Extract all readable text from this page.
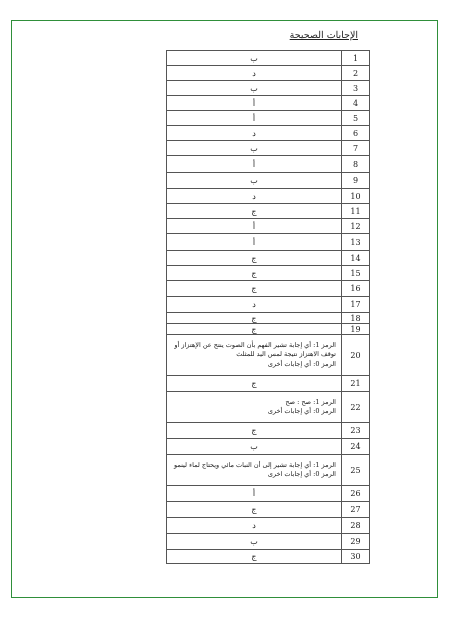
الإجابات الصحيحة
ب	1

د	2

ب	3

أ	4

أ	5

د	6

ب	7

أ	8

ب	9

د	10

ج	11

أ	12

أ	13

ج	14

ج	15

ج	16

د	17

ج	18

ج	19

الرمز 1: أي إجابة تشير الفهم بأن الصوت ينتج عن الإهتزاز أو
توقف الاهتزاز نتيجة لمس اليد للمثلث
الرمز 0: أي إجابات أخرى	20

ج	21

الرمز 1: صح : صح
الرمز 0: أي إجابات أخرى	22

ج	23

ب	24

الرمز 1: أي إجابة تشير إلى أن النبات مائي ويحتاج لماء لينمو
الرمز 0: أي إجابات اخرى	25

أ	26

ج	27

د	28

ب	29

ج	30
